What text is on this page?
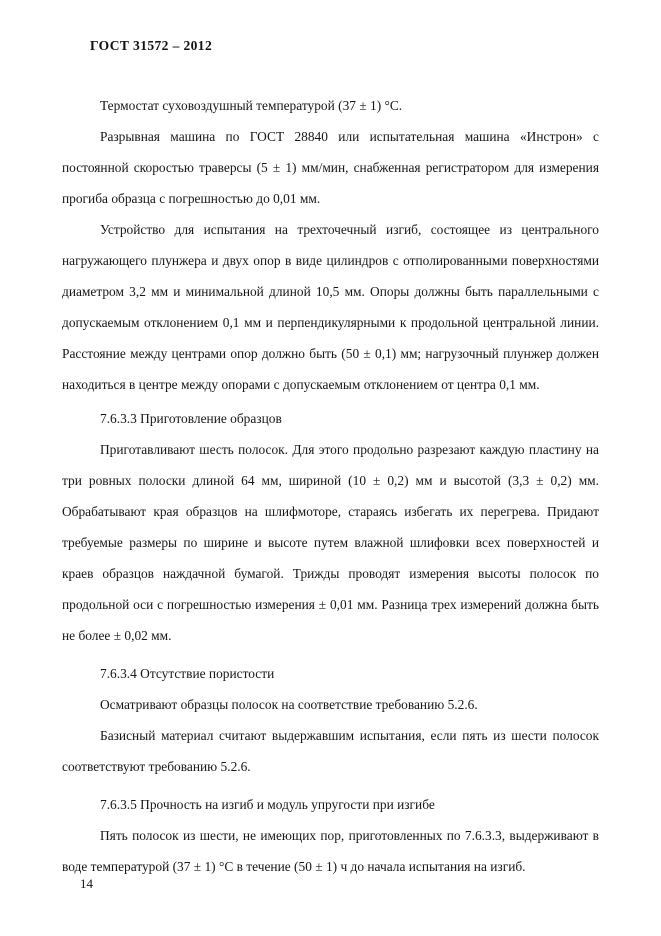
ГОСТ 31572 – 2012

Термостат суховоздушный температурой (37 ± 1) °С.

Разрывная машина по ГОСТ 28840 или испытательная машина «Инстрон» с постоянной скоростью траверсы (5 ± 1) мм/мин, снабженная регистратором для измерения прогиба образца с погрешностью до 0,01 мм.

Устройство для испытания на трехточечный изгиб, состоящее из центрального нагружающего плунжера и двух опор в виде цилиндров с отполированными поверхностями диаметром 3,2 мм и минимальной длиной 10,5 мм. Опоры должны быть параллельными с допускаемым отклонением 0,1 мм и перпендикулярными к продольной центральной линии. Расстояние между центрами опор должно быть (50 ± 0,1) мм; нагрузочный плунжер должен находиться в центре между опорами с допускаемым отклонением от центра 0,1 мм.

7.6.3.3 Приготовление образцов

Приготавливают шесть полосок. Для этого продольно разрезают каждую пластину на три ровных полоски длиной 64 мм, шириной (10 ± 0,2) мм и высотой (3,3 ± 0,2) мм. Обрабатывают края образцов на шлифмоторе, стараясь избегать их перегрева. Придают требуемые размеры по ширине и высоте путем влажной шлифовки всех поверхностей и краев образцов наждачной бумагой. Трижды проводят измерения высоты полосок по продольной оси с погрешностью измерения ± 0,01 мм. Разница трех измерений должна быть не более ± 0,02 мм.

7.6.3.4 Отсутствие пористости

Осматривают образцы полосок на соответствие требованию 5.2.6.

Базисный материал считают выдержавшим испытания, если пять из шести полосок соответствуют требованию 5.2.6.

7.6.3.5 Прочность на изгиб и модуль упругости при изгибе

Пять полосок из шести, не имеющих пор, приготовленных по 7.6.3.3, выдерживают в воде температурой (37 ± 1) °С в течение (50 ± 1) ч до начала испытания на изгиб.

14
